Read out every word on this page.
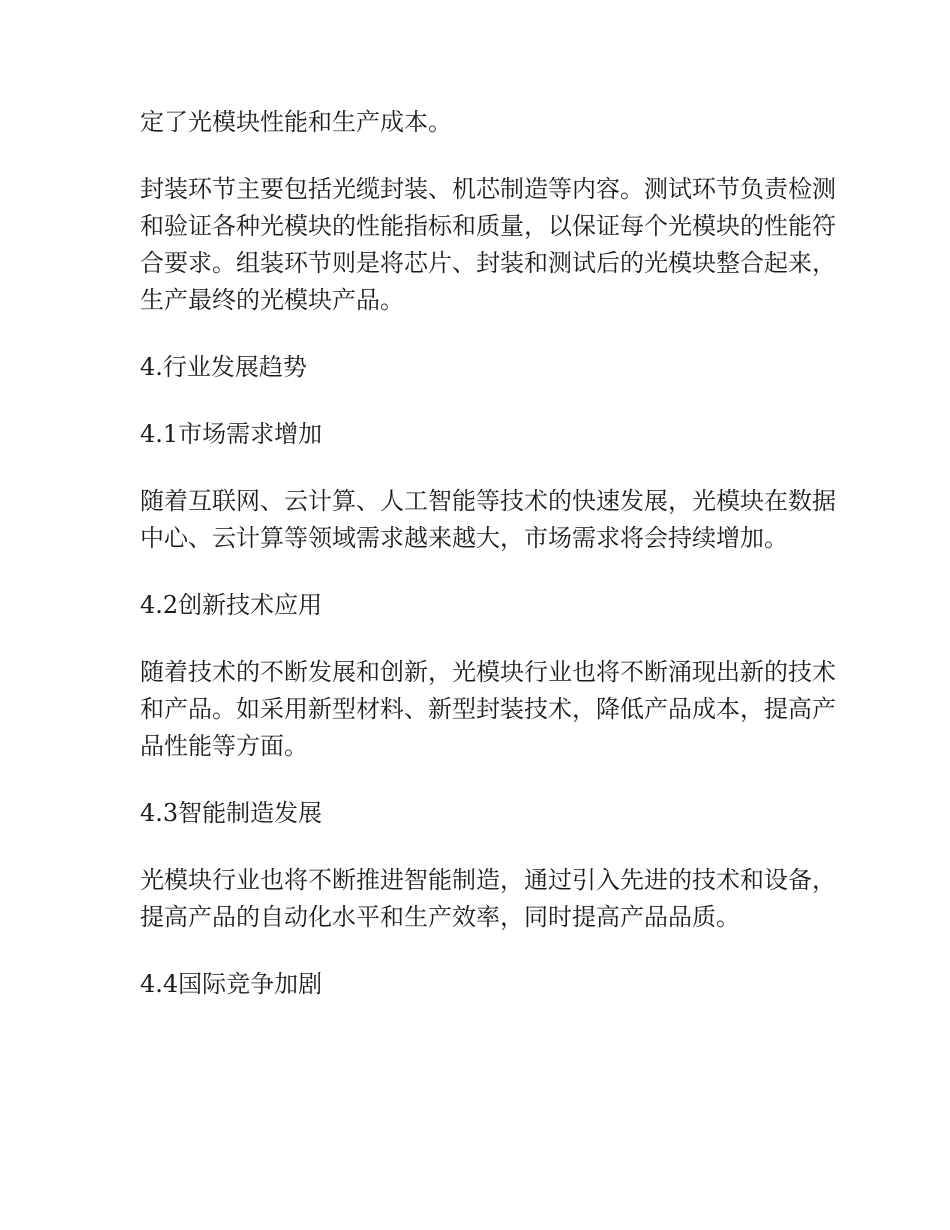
定了光模块性能和生产成本。

封装环节主要包括光缆封装、机芯制造等内容。测试环节负责检测和验证各种光模块的性能指标和质量，以保证每个光模块的性能符合要求。组装环节则是将芯片、封装和测试后的光模块整合起来，生产最终的光模块产品。

4.行业发展趋势

4.1市场需求增加

随着互联网、云计算、人工智能等技术的快速发展，光模块在数据中心、云计算等领域需求越来越大，市场需求将会持续增加。

4.2创新技术应用

随着技术的不断发展和创新，光模块行业也将不断涌现出新的技术和产品。如采用新型材料、新型封装技术，降低产品成本，提高产品性能等方面。

4.3智能制造发展

光模块行业也将不断推进智能制造，通过引入先进的技术和设备，提高产品的自动化水平和生产效率，同时提高产品品质。

4.4国际竞争加剧
